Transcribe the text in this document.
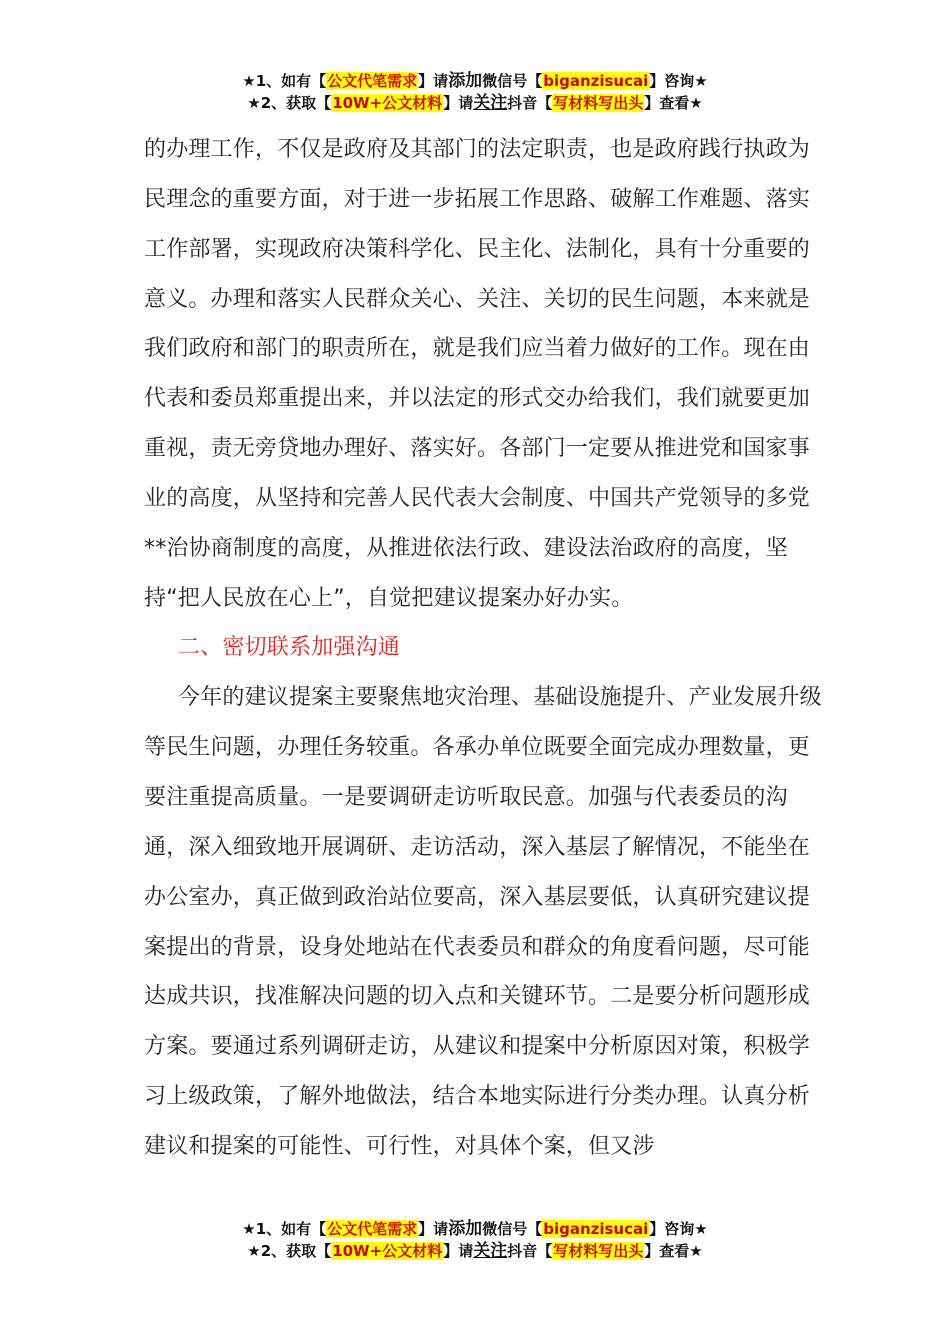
★1、如有【公文代笔需求】请添加微信号【biganzisucai】咨询★
★2、获取【10W+公文材料】请关注抖音【写材料写出头】查看★

的办理工作，不仅是政府及其部门的法定职责，也是政府践行执政为民理念的重要方面，对于进一步拓展工作思路、破解工作难题、落实工作部署，实现政府决策科学化、民主化、法制化，具有十分重要的意义。办理和落实人民群众关心、关注、关切的民生问题，本来就是我们政府和部门的职责所在，就是我们应当着力做好的工作。现在由代表和委员郑重提出来，并以法定的形式交办给我们，我们就要更加重视，责无旁贷地办理好、落实好。各部门一定要从推进党和国家事业的高度，从坚持和完善人民代表大会制度、中国共产党领导的多党**治协商制度的高度，从推进依法行政、建设法治政府的高度，坚持“把人民放在心上”，自觉把建议提案办好办实。

二、密切联系加强沟通

今年的建议提案主要聚焦地灾治理、基础设施提升、产业发展升级等民生问题，办理任务较重。各承办单位既要全面完成办理数量，更要注重提高质量。一是要调研走访听取民意。加强与代表委员的沟通，深入细致地开展调研、走访活动，深入基层了解情况，不能坐在办公室办，真正做到政治站位要高，深入基层要低，认真研究建议提案提出的背景，设身处地站在代表委员和群众的角度看问题，尽可能达成共识，找准解决问题的切入点和关键环节。二是要分析问题形成方案。要通过系列调研走访，从建议和提案中分析原因对策，积极学习上级政策，了解外地做法，结合本地实际进行分类办理。认真分析建议和提案的可能性、可行性，对具体个案，但又涉

★1、如有【公文代笔需求】请添加微信号【biganzisucai】咨询★
★2、获取【10W+公文材料】请关注抖音【写材料写出头】查看★
